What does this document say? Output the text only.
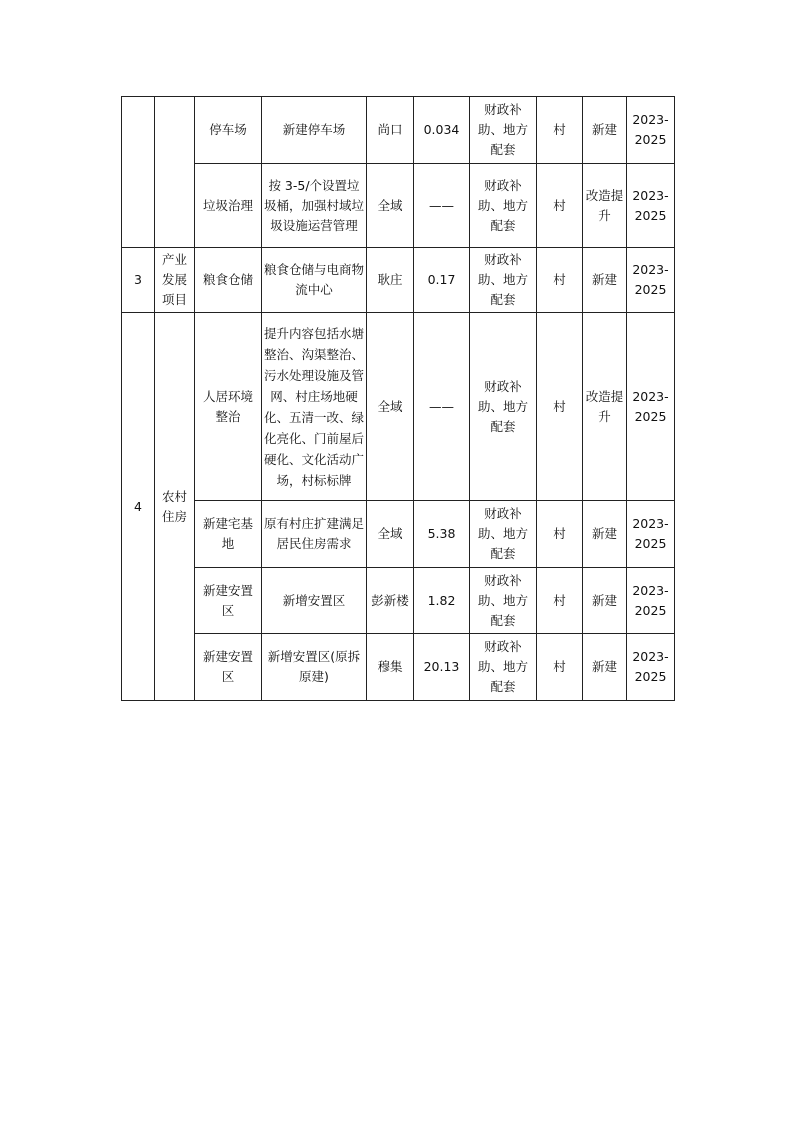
		停车场	新建停车场	尚口	0.034	财政补助、地方配套	村	新建	2023-2025
		垃圾治理	按 3-5/个设置垃圾桶，加强村域垃圾设施运营管理	全域	——	财政补助、地方配套	村	改造提升	2023-2025
3	产业发展项目	粮食仓储	粮食仓储与电商物流中心	耿庄	0.17	财政补助、地方配套	村	新建	2023-2025
4	农村住房	人居环境整治	提升内容包括水塘整治、沟渠整治、污水处理设施及管网、村庄场地硬化、五清一改、绿化亮化、门前屋后硬化、文化活动广场，村标标牌	全域	——	财政补助、地方配套	村	改造提升	2023-2025
		新建宅基地	原有村庄扩建满足居民住房需求	全域	5.38	财政补助、地方配套	村	新建	2023-2025
		新建安置区	新增安置区	彭新楼	1.82	财政补助、地方配套	村	新建	2023-2025
		新建安置区	新增安置区(原拆原建)	穆集	20.13	财政补助、地方配套	村	新建	2023-2025
